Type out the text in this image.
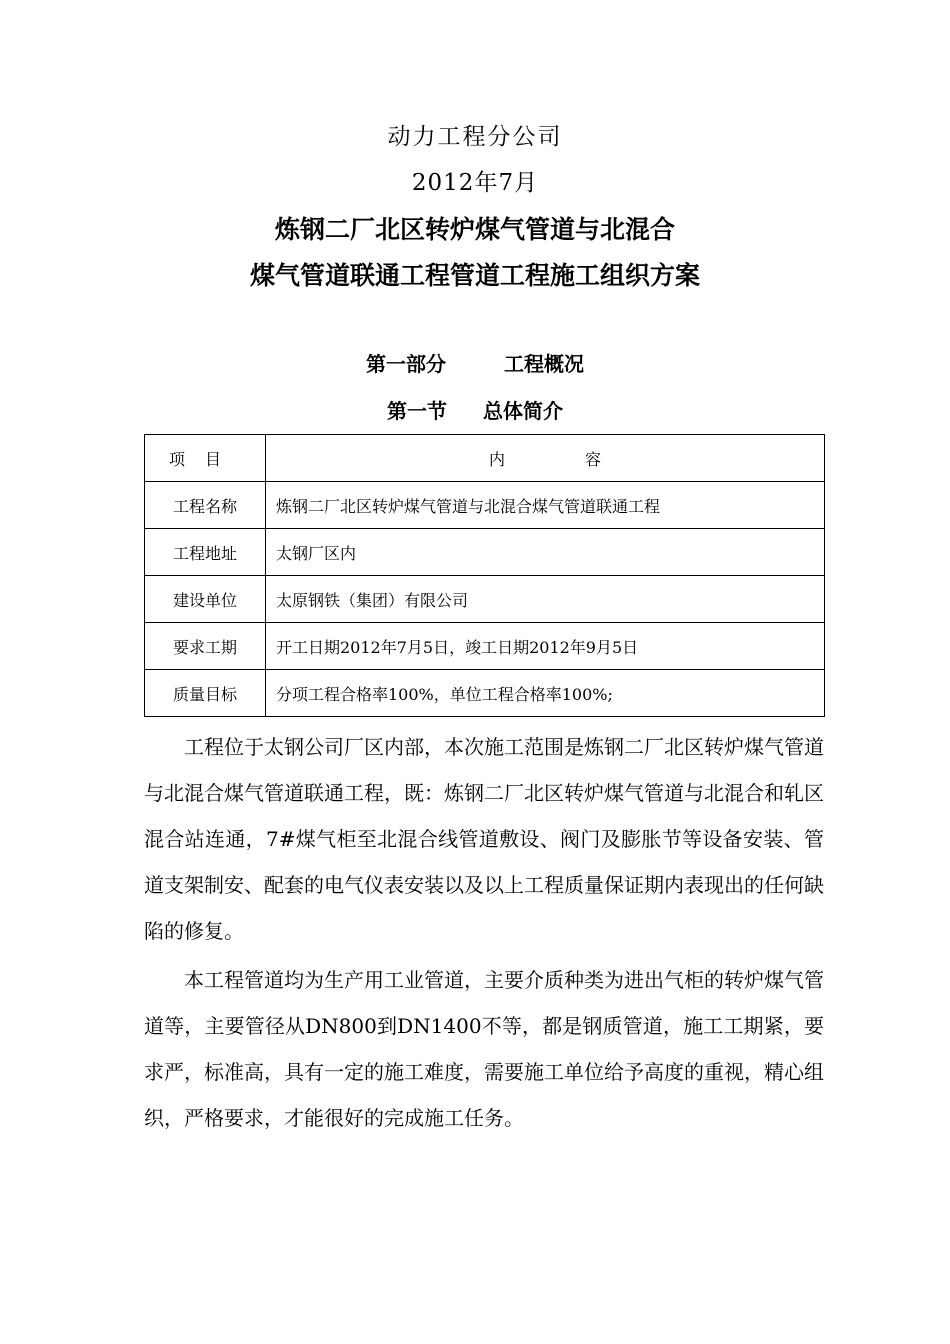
动力工程分公司
2012年7月
炼钢二厂北区转炉煤气管道与北混合
煤气管道联通工程管道工程施工组织方案
第一部分	工程概况
第一节 总体简介
项目	内容
工程名称	炼钢二厂北区转炉煤气管道与北混合煤气管道联通工程
工程地址	太钢厂区内
建设单位	太原钢铁（集团）有限公司
要求工期	开工日期2012年7月5日，竣工日期2012年9月5日
质量目标	分项工程合格率100%，单位工程合格率100%;

工程位于太钢公司厂区内部，本次施工范围是炼钢二厂北区转炉煤气管道与北混合煤气管道联通工程，既：炼钢二厂北区转炉煤气管道与北混合和轧区混合站连通，7#煤气柜至北混合线管道敷设、阀门及膨胀节等设备安装、管道支架制安、配套的电气仪表安装以及以上工程质量保证期内表现出的任何缺陷的修复。

本工程管道均为生产用工业管道，主要介质种类为进出气柜的转炉煤气管道等，主要管径从DN800到DN1400不等，都是钢质管道，施工工期紧，要求严，标准高，具有一定的施工难度，需要施工单位给予高度的重视，精心组织，严格要求，才能很好的完成施工任务。
